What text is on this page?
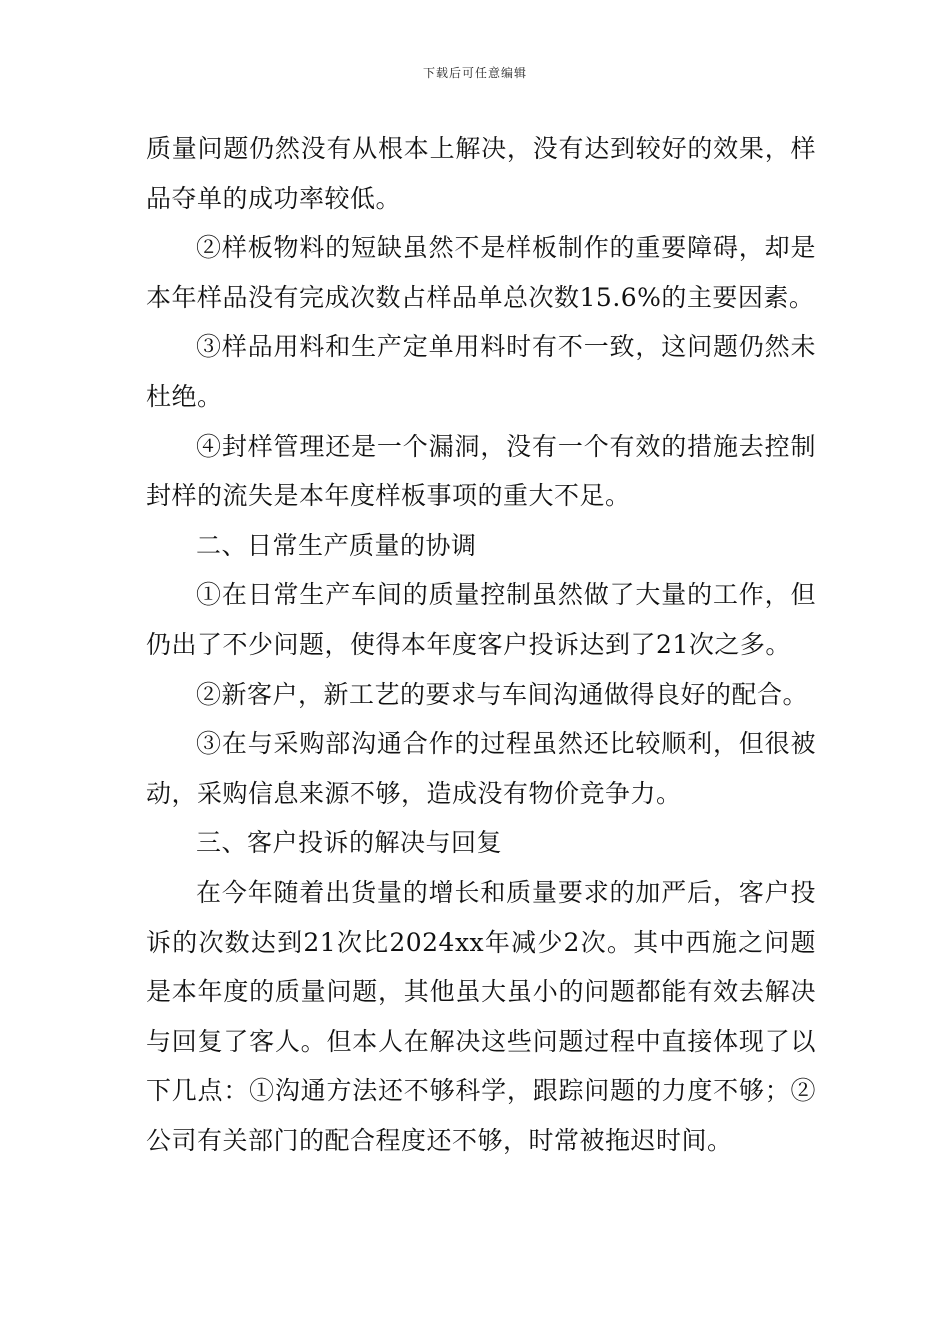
下载后可任意编辑

质量问题仍然没有从根本上解决，没有达到较好的效果，样品夺单的成功率较低。

②样板物料的短缺虽然不是样板制作的重要障碍，却是本年样品没有完成次数占样品单总次数15.6%的主要因素。

③样品用料和生产定单用料时有不一致，这问题仍然未杜绝。

④封样管理还是一个漏洞，没有一个有效的措施去控制封样的流失是本年度样板事项的重大不足。

二、日常生产质量的协调

①在日常生产车间的质量控制虽然做了大量的工作，但仍出了不少问题，使得本年度客户投诉达到了21次之多。

②新客户，新工艺的要求与车间沟通做得良好的配合。

③在与采购部沟通合作的过程虽然还比较顺利，但很被动，采购信息来源不够，造成没有物价竞争力。

三、客户投诉的解决与回复

在今年随着出货量的增长和质量要求的加严后，客户投诉的次数达到21次比2024xx年减少2次。其中西施之问题是本年度的质量问题，其他虽大虽小的问题都能有效去解决与回复了客人。但本人在解决这些问题过程中直接体现了以下几点：①沟通方法还不够科学，跟踪问题的力度不够；②公司有关部门的配合程度还不够，时常被拖迟时间。
